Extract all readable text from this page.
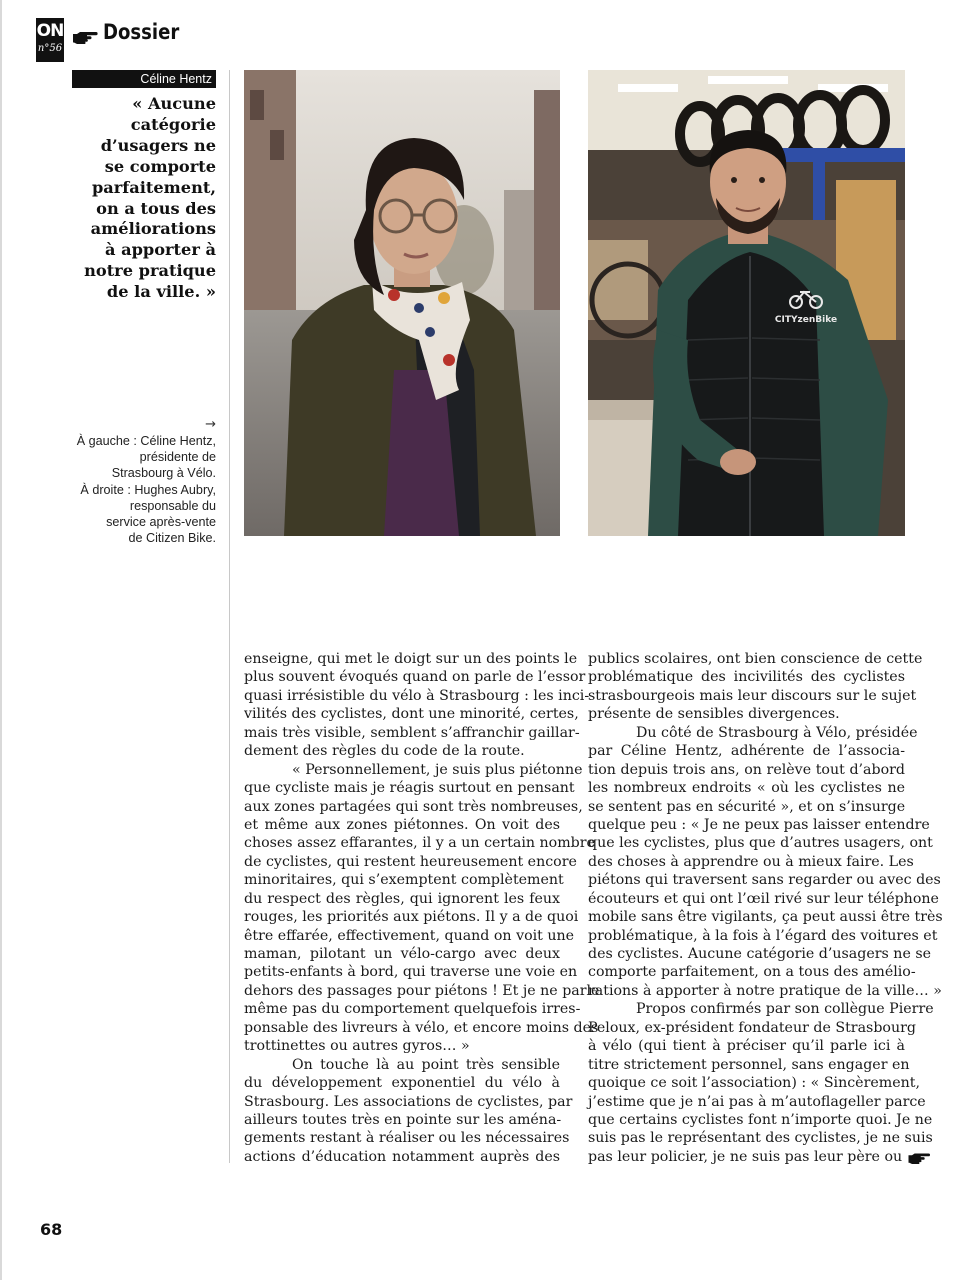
ON
n°56
Dossier
Céline Hentz
« Aucune
catégorie
d’usagers ne
se comporte
parfaitement,
on a tous des
améliorations
à apporter à
notre pratique
de la ville. »
→
À gauche : Céline Hentz,
présidente de
Strasbourg à Vélo.
À droite : Hughes Aubry,
responsable du
service après-vente
de Citizen Bike.
CITYzenBike
enseigne, qui met le doigt sur un des points le
plus souvent évoqués quand on parle de l’essor
quasi irrésistible du vélo à Strasbourg : les inci-
vilités des cyclistes, dont une minorité, certes,
mais très visible, semblent s’affranchir gaillar-
dement des règles du code de la route.
« Personnellement, je suis plus piétonne
que cycliste mais je réagis surtout en pensant
aux zones partagées qui sont très nombreuses,
et même aux zones piétonnes. On voit des
choses assez effarantes, il y a un certain nombre
de cyclistes, qui restent heureusement encore
minoritaires, qui s’exemptent complètement
du respect des règles, qui ignorent les feux
rouges, les priorités aux piétons. Il y a de quoi
être effarée, effectivement, quand on voit une
maman, pilotant un vélo-cargo avec deux
petits-enfants à bord, qui traverse une voie en
dehors des passages pour piétons ! Et je ne parle
même pas du comportement quelquefois irres-
ponsable des livreurs à vélo, et encore moins des
trottinettes ou autres gyros… »
On touche là au point très sensible
du développement exponentiel du vélo à
Strasbourg. Les associations de cyclistes, par
ailleurs toutes très en pointe sur les aména-
gements restant à réaliser ou les nécessaires
actions d’éducation notamment auprès des
publics scolaires, ont bien conscience de cette
problématique des incivilités des cyclistes
strasbourgeois mais leur discours sur le sujet
présente de sensibles divergences.
Du côté de Strasbourg à Vélo, présidée
par Céline Hentz, adhérente de l’associa-
tion depuis trois ans, on relève tout d’abord
les nombreux endroits « où les cyclistes ne
se sentent pas en sécurité », et on s’insurge
quelque peu : « Je ne peux pas laisser entendre
que les cyclistes, plus que d’autres usagers, ont
des choses à apprendre ou à mieux faire. Les
piétons qui traversent sans regarder ou avec des
écouteurs et qui ont l’œil rivé sur leur téléphone
mobile sans être vigilants, ça peut aussi être très
problématique, à la fois à l’égard des voitures et
des cyclistes. Aucune catégorie d’usagers ne se
comporte parfaitement, on a tous des amélio-
rations à apporter à notre pratique de la ville… »
Propos confirmés par son collègue Pierre
Peloux, ex-président fondateur de Strasbourg
à vélo (qui tient à préciser qu’il parle ici à
titre strictement personnel, sans engager en
quoique ce soit l’association) : « Sincèrement,
j’estime que je n’ai pas à m’autoflageller parce
que certains cyclistes font n’importe quoi. Je ne
suis pas le représentant des cyclistes, je ne suis
pas leur policier, je ne suis pas leur père ou
68
